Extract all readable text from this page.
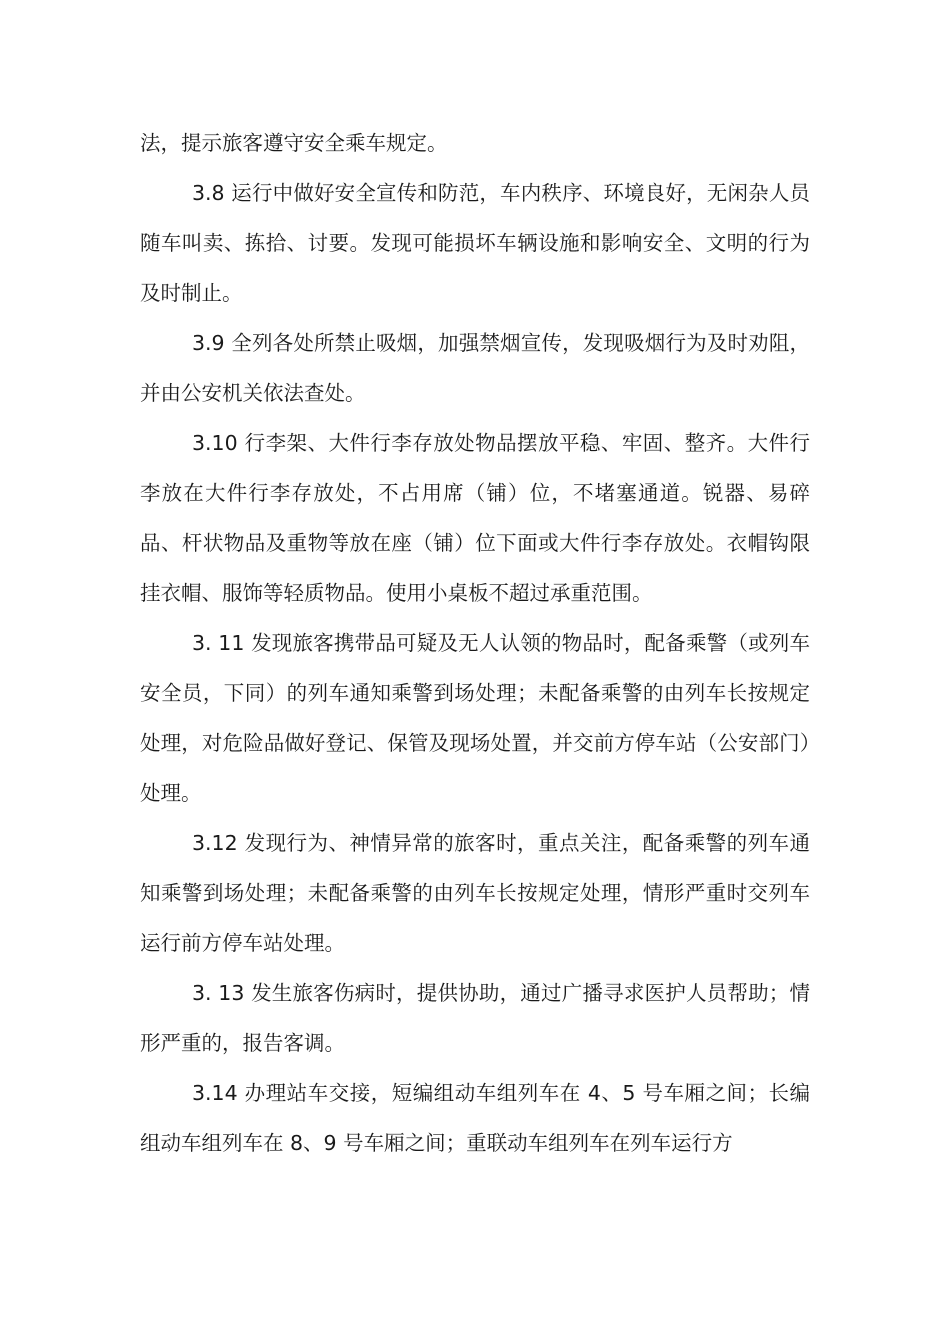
法，提示旅客遵守安全乘车规定。

3.8 运行中做好安全宣传和防范，车内秩序、环境良好，无闲杂人员随车叫卖、拣拾、讨要。发现可能损坏车辆设施和影响安全、文明的行为及时制止。

3.9 全列各处所禁止吸烟，加强禁烟宣传，发现吸烟行为及时劝阻，并由公安机关依法查处。

3.10 行李架、大件行李存放处物品摆放平稳、牢固、整齐。大件行李放在大件行李存放处，不占用席（铺）位，不堵塞通道。锐器、易碎品、杆状物品及重物等放在座（铺）位下面或大件行李存放处。衣帽钩限挂衣帽、服饰等轻质物品。使用小桌板不超过承重范围。

3. 11 发现旅客携带品可疑及无人认领的物品时，配备乘警（或列车安全员，下同）的列车通知乘警到场处理；未配备乘警的由列车长按规定处理，对危险品做好登记、保管及现场处置，并交前方停车站（公安部门）处理。

3.12 发现行为、神情异常的旅客时，重点关注，配备乘警的列车通知乘警到场处理；未配备乘警的由列车长按规定处理，情形严重时交列车运行前方停车站处理。

3. 13 发生旅客伤病时，提供协助，通过广播寻求医护人员帮助；情形严重的，报告客调。

3.14 办理站车交接，短编组动车组列车在 4、5 号车厢之间；长编组动车组列车在 8、9 号车厢之间；重联动车组列车在列车运行方
